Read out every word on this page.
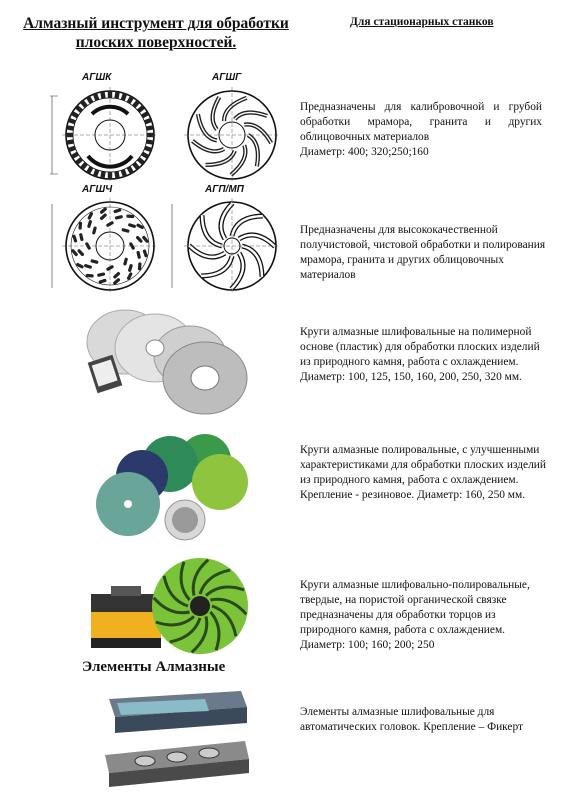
Алмазный инструмент для обработки плоских поверхностей.
Для стационарных станков
АГШК	АГШГ
АГШЧ	АГП/МП
Предназначены для калибровочной и грубой обработки мрамора, гранита и других облицовочных материалов
Диаметр: 400; 320;250;160
Предназначены для высококачественной получистовой, чистовой обработки и полирования мрамора, гранита и других облицовочных материалов
Круги алмазные шлифовальные на полимерной основе (пластик) для обработки плоских изделий из природного камня, работа с охлаждением. Диаметр: 100, 125, 150, 160, 200, 250, 320 мм.
Круги алмазные полировальные, с улучшенными характеристиками для обработки плоских изделий из природного камня, работа с охлаждением. Крепление - резиновое. Диаметр: 160, 250 мм.
Круги алмазные шлифовально-полировальные, твердые, на пористой органической связке предназначены для обработки торцов из природного камня, работа с охлаждением. Диаметр: 100; 160; 200; 250
Элементы Алмазные
Элементы алмазные шлифовальные для автоматических головок. Крепление – Фикерт
